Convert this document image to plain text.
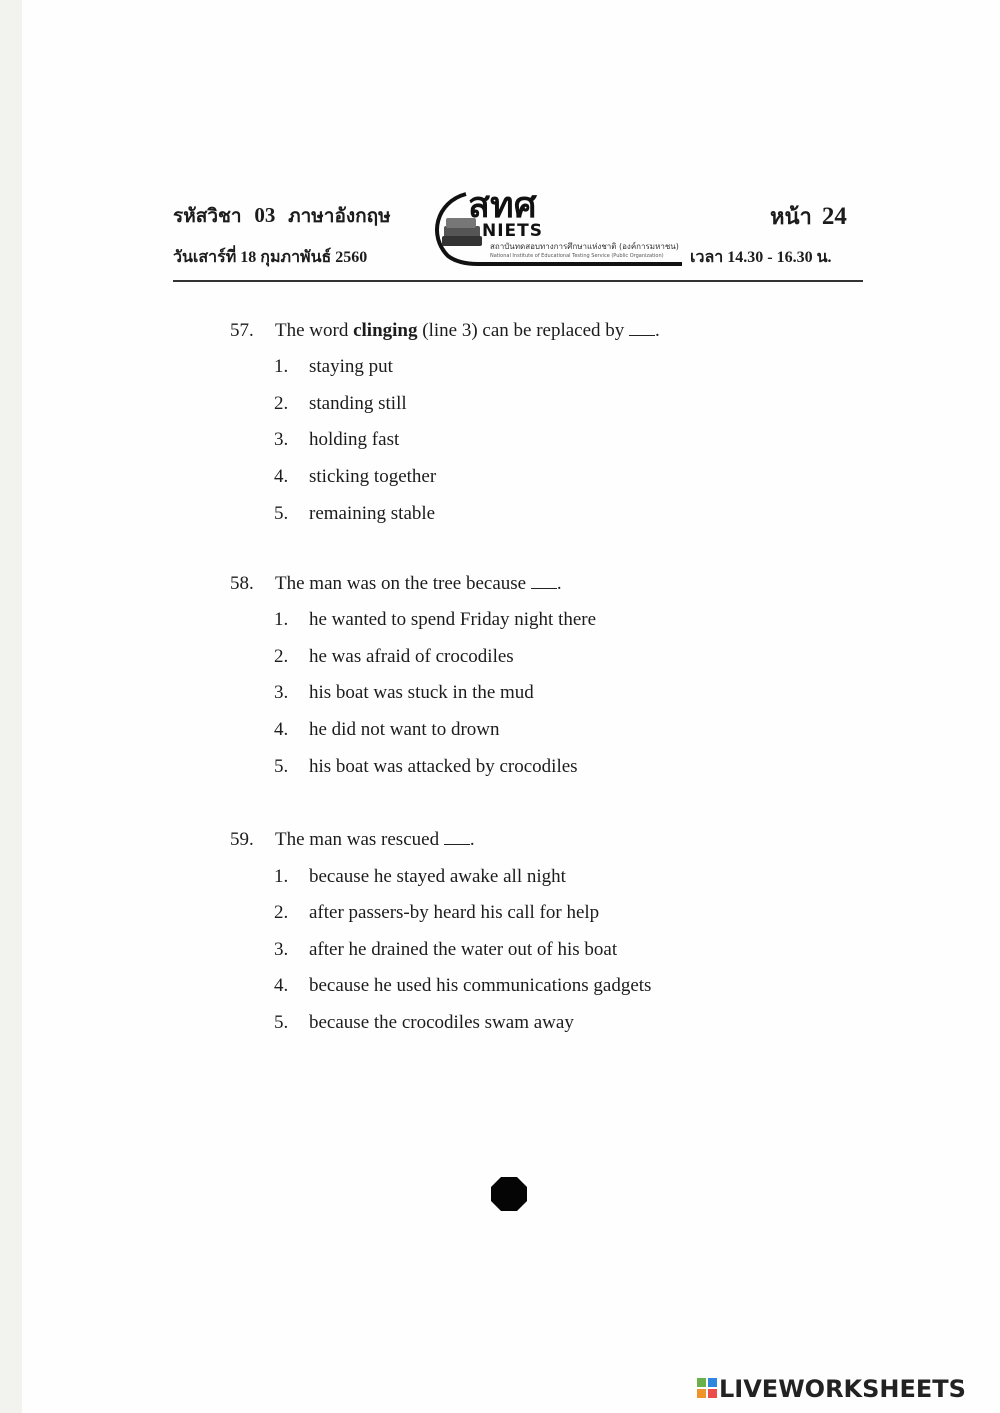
รหัสวิชา 03 ภาษาอังกฤษ
วันเสาร์ที่ 18 กุมภาพันธ์ 2560
สทศ
NIETS
สถาบันทดสอบทางการศึกษาแห่งชาติ (องค์การมหาชน)
National Institute of Educational Testing Service (Public Organization)
หน้า 24
เวลา 14.30 - 16.30 น.
57. The word clinging (line 3) can be replaced by .
1. staying put
2. standing still
3. holding fast
4. sticking together
5. remaining stable
58. The man was on the tree because .
1. he wanted to spend Friday night there
2. he was afraid of crocodiles
3. his boat was stuck in the mud
4. he did not want to drown
5. his boat was attacked by crocodiles
59. The man was rescued .
1. because he stayed awake all night
2. after passers-by heard his call for help
3. after he drained the water out of his boat
4. because he used his communications gadgets
5. because the crocodiles swam away
LIVEWORKSHEETS
